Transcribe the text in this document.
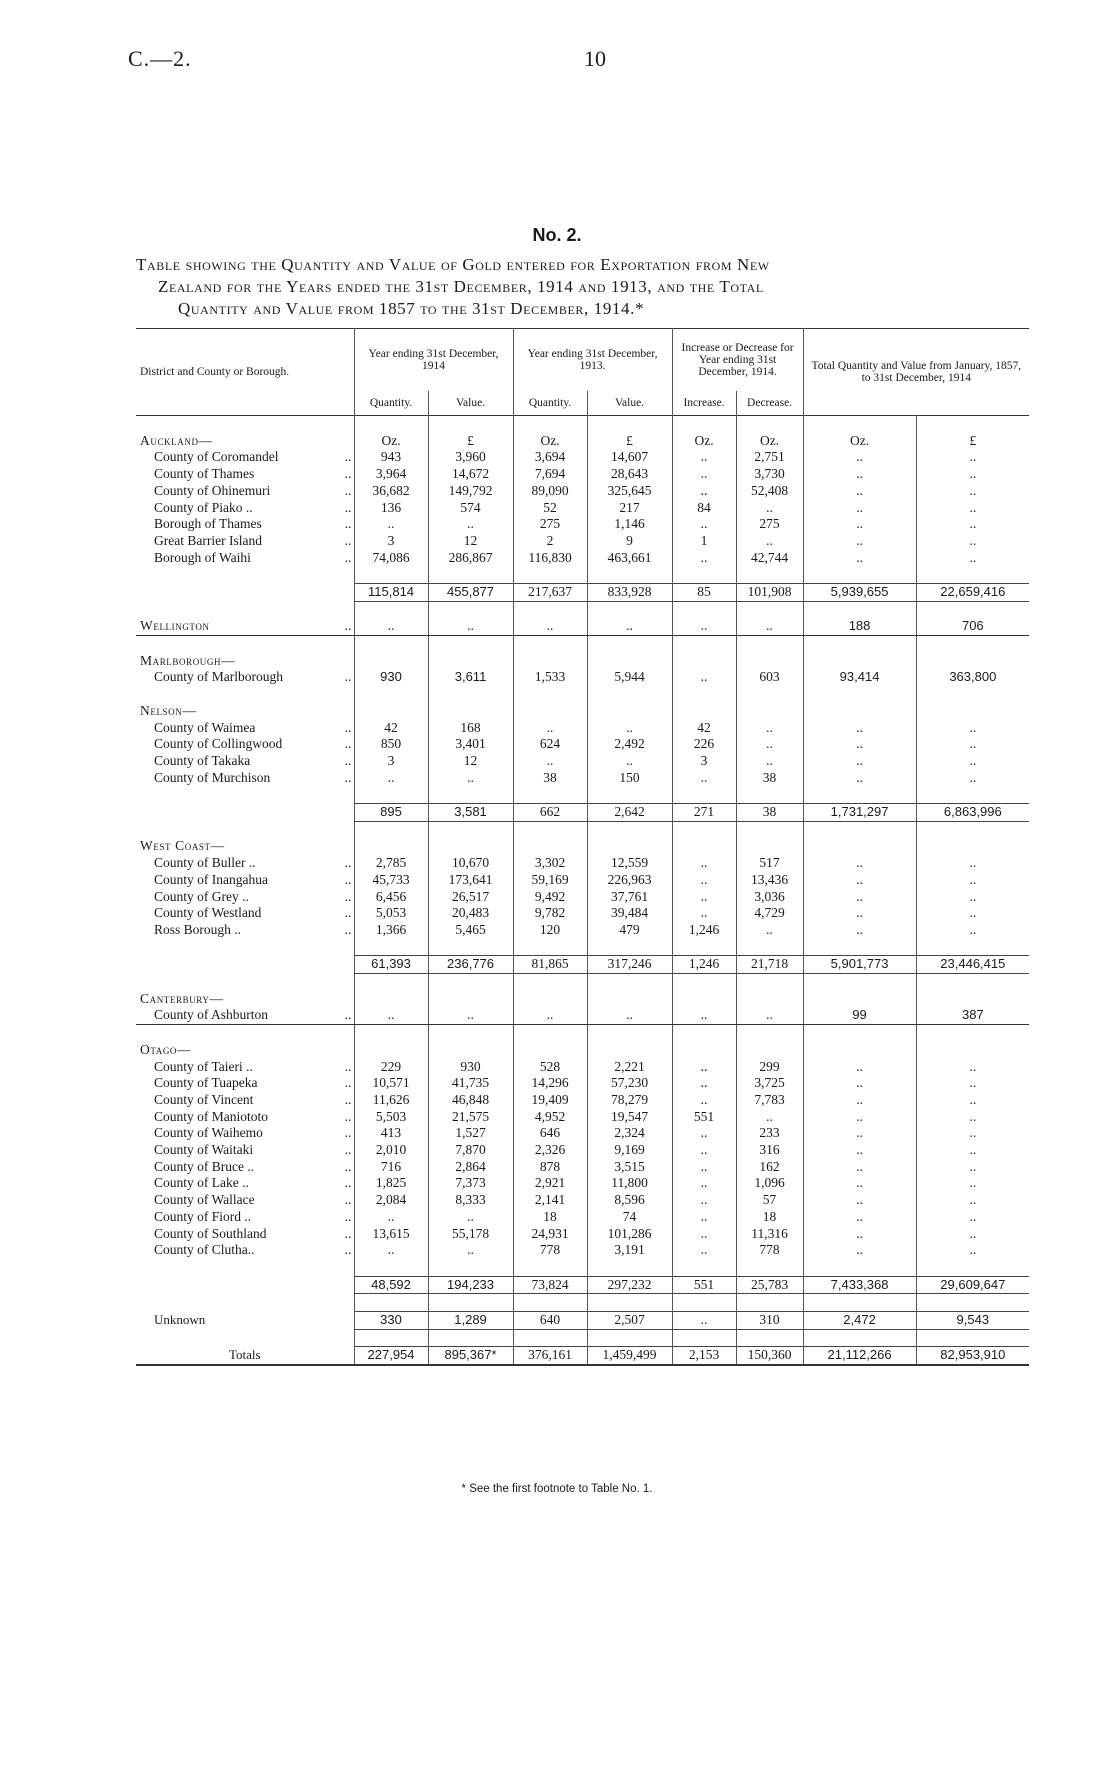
C.—2.	10
No. 2.
Table showing the Quantity and Value of Gold entered for Exportation from New
Zealand for the Years ended the 31st December, 1914 and 1913, and the Total
Quantity and Value from 1857 to the 31st December, 1914.*
District and County or Borough.		Year ending 31st December, 1914		Year ending 31st December, 1913.		Increase or Decrease for Year ending 31st December, 1914.		Total Quantity and Value from January, 1857, to 31st December, 1914	
		Quantity.	Value.	Quantity.	Value.	Increase.	Decrease.		

Auckland—		Oz.	£	Oz.	£	Oz.	Oz.	Oz.	£
County of Coromandel	..	943	3,960	3,694	14,607	..	2,751	..	..
County of Thames	..	3,964	14,672	7,694	28,643	..	3,730	..	..
County of Ohinemuri	..	36,682	149,792	89,090	325,645	..	52,408	..	..
County of Piako ..	..	136	574	52	217	84	..	..	..
Borough of Thames	..	..	..	275	1,146	..	275	..	..
Great Barrier Island	..	3	12	2	9	1	..	..	..
Borough of Waihi	..	74,086	286,867	116,830	463,661	..	42,744	..	..

		115,814	455,877	217,637	833,928	85	101,908	5,939,655	22,659,416

Wellington	..	..	..	..	..	..	..	188	706

Marlborough—									
County of Marlborough	..	930	3,611	1,533	5,944	..	603	93,414	363,800

Nelson—									
County of Waimea	..	42	168	..	..	42	..	..	..
County of Collingwood	..	850	3,401	624	2,492	226	..	..	..
County of Takaka	..	3	12	..	..	3	..	..	..
County of Murchison	..	..	..	38	150	..	38	..	..

		895	3,581	662	2,642	271	38	1,731,297	6,863,996

West Coast—									
County of Buller ..	..	2,785	10,670	3,302	12,559	..	517	..	..
County of Inangahua	..	45,733	173,641	59,169	226,963	..	13,436	..	..
County of Grey ..	..	6,456	26,517	9,492	37,761	..	3,036	..	..
County of Westland	..	5,053	20,483	9,782	39,484	..	4,729	..	..
Ross Borough ..	..	1,366	5,465	120	479	1,246	..	..	..

		61,393	236,776	81,865	317,246	1,246	21,718	5,901,773	23,446,415

Canterbury—									
County of Ashburton	..	..	..	..	..	..	..	99	387

Otago—									
County of Taieri ..	..	229	930	528	2,221	..	299	..	..
County of Tuapeka	..	10,571	41,735	14,296	57,230	..	3,725	..	..
County of Vincent	..	11,626	46,848	19,409	78,279	..	7,783	..	..
County of Maniototo	..	5,503	21,575	4,952	19,547	551	..	..	..
County of Waihemo	..	413	1,527	646	2,324	..	233	..	..
County of Waitaki	..	2,010	7,870	2,326	9,169	..	316	..	..
County of Bruce ..	..	716	2,864	878	3,515	..	162	..	..
County of Lake ..	..	1,825	7,373	2,921	11,800	..	1,096	..	..
County of Wallace	..	2,084	8,333	2,141	8,596	..	57	..	..
County of Fiord ..	..	..	..	18	74	..	18	..	..
County of Southland	..	13,615	55,178	24,931	101,286	..	11,316	..	..
County of Clutha..	..	..	..	778	3,191	..	778	..	..

		48,592	194,233	73,824	297,232	551	25,783	7,433,368	29,609,647

Unknown		330	1,289	640	2,507	..	310	2,472	9,543

Totals		227,954	895,367*	376,161	1,459,499	2,153	150,360	21,112,266	82,953,910
* See the first footnote to Table No. 1.
